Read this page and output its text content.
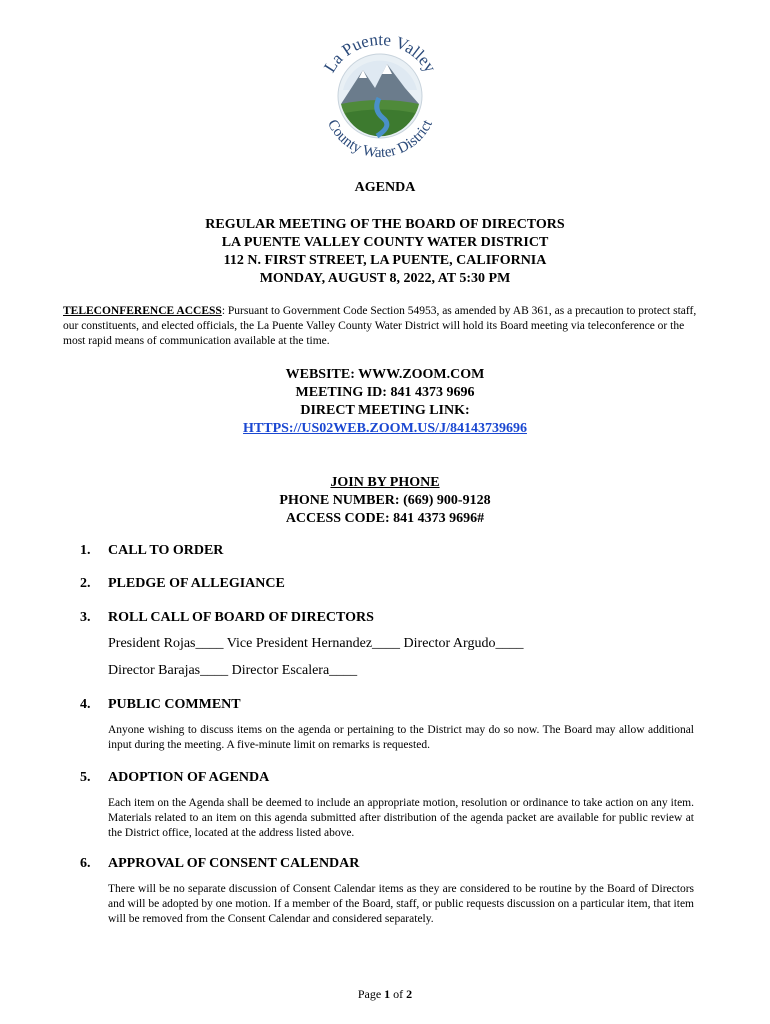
La Puente Valley
County Water District
AGENDA
REGULAR MEETING OF THE BOARD OF DIRECTORS
LA PUENTE VALLEY COUNTY WATER DISTRICT
112 N. FIRST STREET, LA PUENTE, CALIFORNIA
MONDAY, AUGUST 8, 2022, AT 5:30 PM
TELECONFERENCE ACCESS: Pursuant to Government Code Section 54953, as amended by AB 361, as a precaution to protect staff, our constituents, and elected officials, the La Puente Valley County Water District will hold its Board meeting via teleconference or the most rapid means of communication available at the time.
WEBSITE: WWW.ZOOM.COM
MEETING ID: 841 4373 9696
DIRECT MEETING LINK:
HTTPS://US02WEB.ZOOM.US/J/84143739696
JOIN BY PHONE
PHONE NUMBER: (669) 900-9128
ACCESS CODE: 841 4373 9696#
1. CALL TO ORDER
2. PLEDGE OF ALLEGIANCE
3. ROLL CALL OF BOARD OF DIRECTORS
President Rojas____ Vice President Hernandez____ Director Argudo____
Director Barajas____ Director Escalera____
4. PUBLIC COMMENT
Anyone wishing to discuss items on the agenda or pertaining to the District may do so now. The Board may allow additional input during the meeting. A five-minute limit on remarks is requested.
5. ADOPTION OF AGENDA
Each item on the Agenda shall be deemed to include an appropriate motion, resolution or ordinance to take action on any item. Materials related to an item on this agenda submitted after distribution of the agenda packet are available for public review at the District office, located at the address listed above.
6. APPROVAL OF CONSENT CALENDAR
There will be no separate discussion of Consent Calendar items as they are considered to be routine by the Board of Directors and will be adopted by one motion. If a member of the Board, staff, or public requests discussion on a particular item, that item will be removed from the Consent Calendar and considered separately.
Page 1 of 2
